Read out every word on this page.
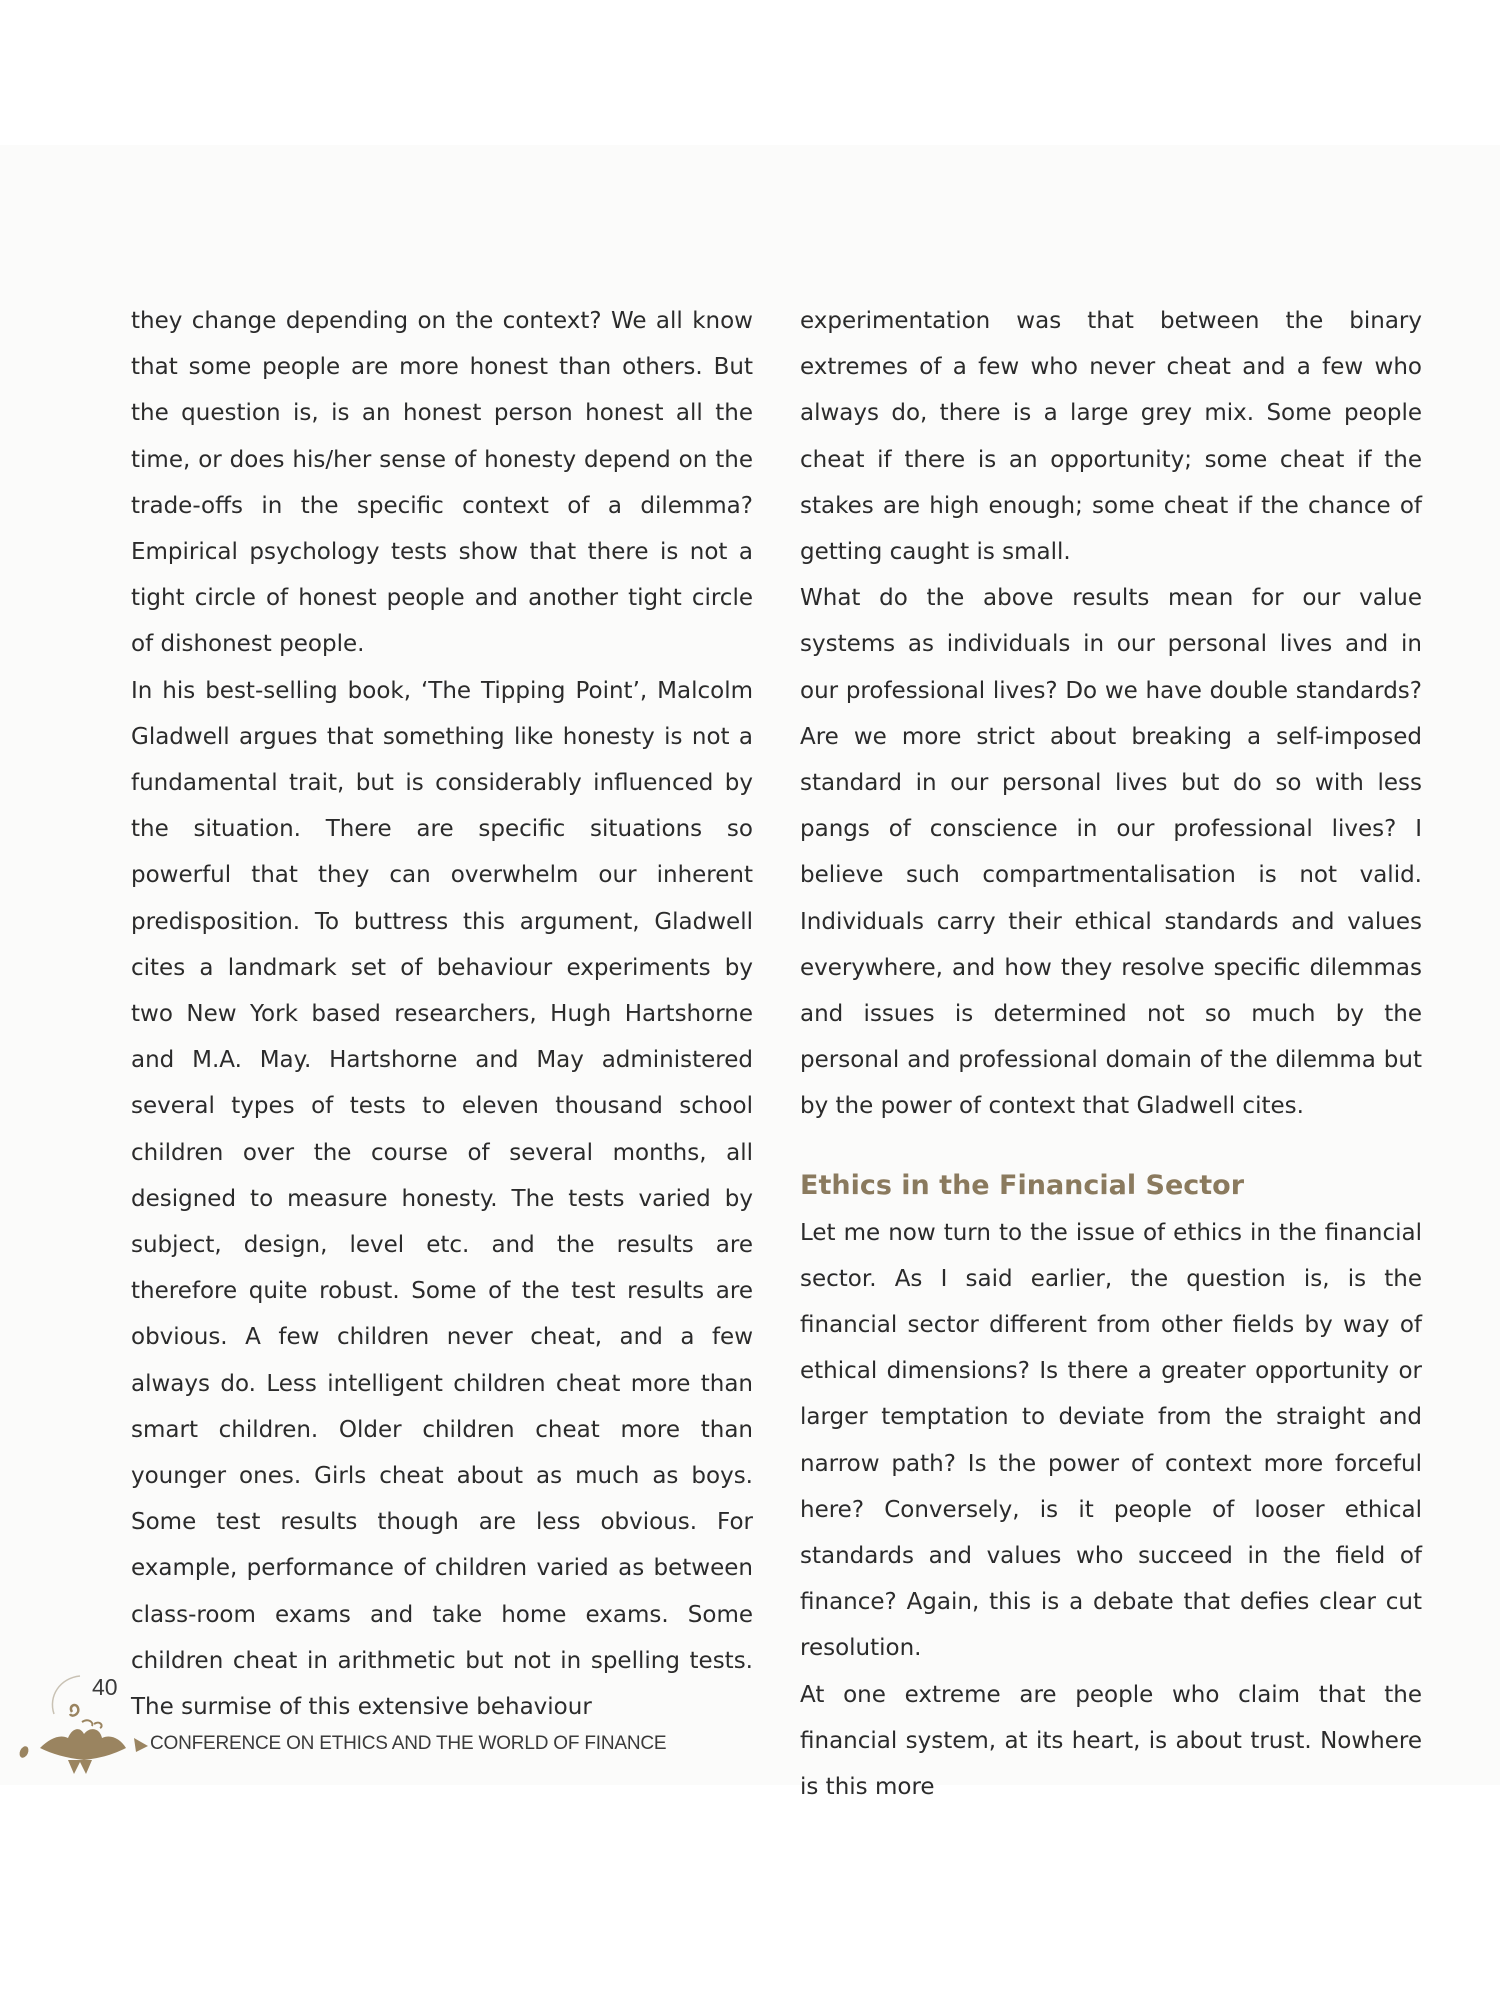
they change depending on the context? We all know that some people are more honest than others. But the question is, is an honest person honest all the time, or does his/her sense of honesty depend on the trade-offs in the specific context of a dilemma? Empirical psychology tests show that there is not a tight circle of honest people and another tight circle of dishonest people.

In his best-selling book, ‘The Tipping Point’, Malcolm Gladwell argues that something like honesty is not a fundamental trait, but is considerably influenced by the situation. There are specific situations so powerful that they can overwhelm our inherent predisposition. To buttress this argument, Gladwell cites a landmark set of behaviour experiments by two New York based researchers, Hugh Hartshorne and M.A. May. Hartshorne and May administered several types of tests to eleven thousand school children over the course of several months, all designed to measure honesty. The tests varied by subject, design, level etc. and the results are therefore quite robust. Some of the test results are obvious. A few children never cheat, and a few always do. Less intelligent children cheat more than smart children. Older children cheat more than younger ones. Girls cheat about as much as boys. Some test results though are less obvious. For example, performance of children varied as between class-room exams and take home exams. Some children cheat in arithmetic but not in spelling tests. The surmise of this extensive behaviour

experimentation was that between the binary extremes of a few who never cheat and a few who always do, there is a large grey mix. Some people cheat if there is an opportunity; some cheat if the stakes are high enough; some cheat if the chance of getting caught is small.

What do the above results mean for our value systems as individuals in our personal lives and in our professional lives? Do we have double standards? Are we more strict about breaking a self-imposed standard in our personal lives but do so with less pangs of conscience in our professional lives? I believe such compartmentalisation is not valid. Individuals carry their ethical standards and values everywhere, and how they resolve specific dilemmas and issues is determined not so much by the personal and professional domain of the dilemma but by the power of context that Gladwell cites.

Ethics in the Financial Sector

Let me now turn to the issue of ethics in the financial sector. As I said earlier, the question is, is the financial sector different from other fields by way of ethical dimensions? Is there a greater opportunity or larger temptation to deviate from the straight and narrow path? Is the power of context more forceful here? Conversely, is it people of looser ethical standards and values who succeed in the field of finance? Again, this is a debate that defies clear cut resolution.

At one extreme are people who claim that the financial system, at its heart, is about trust. Nowhere is this more

40
CONFERENCE ON ETHICS AND THE WORLD OF FINANCE
